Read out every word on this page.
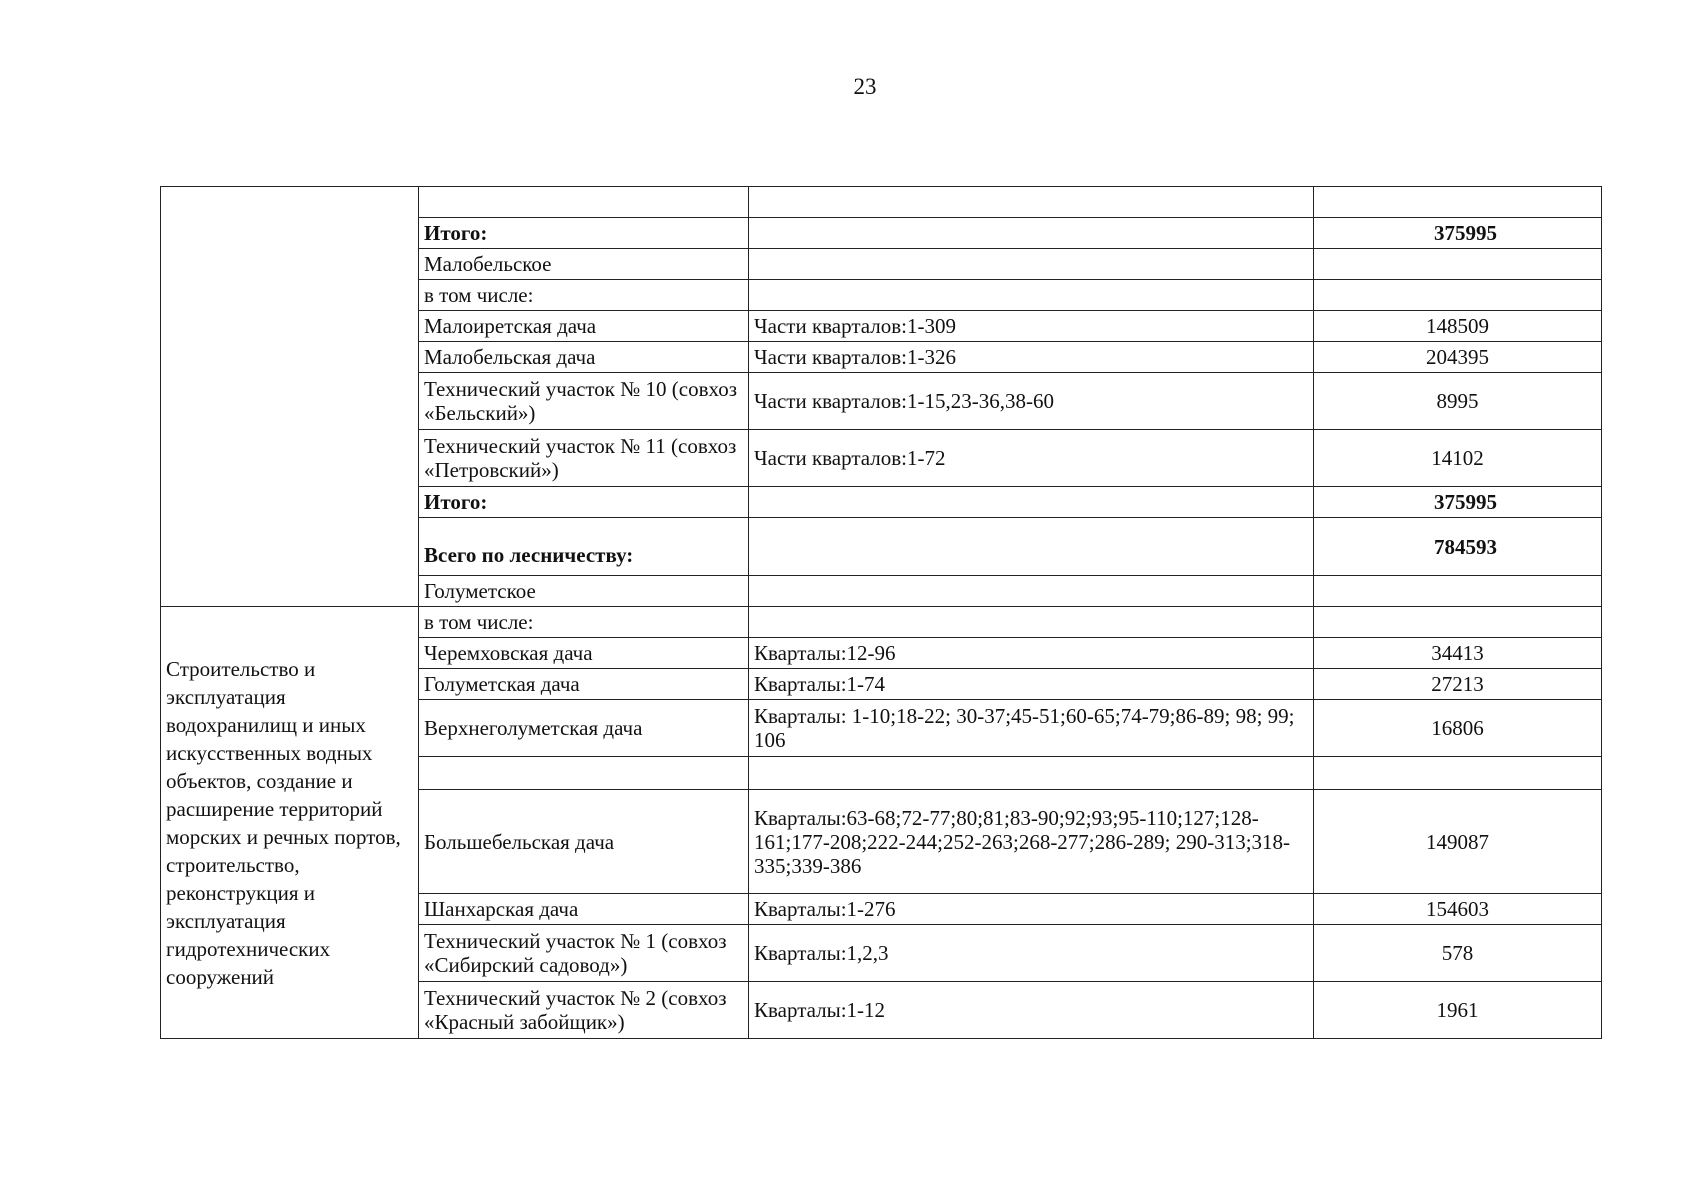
23

	Итого:		375995
	Малобельское		
	в том числе:		
	Малоиретская дача	Части кварталов:1-309	148509
	Малобельская дача	Части кварталов:1-326	204395
	Технический участок № 10 (совхоз «Бельский»)	Части кварталов:1-15,23-36,38-60	8995
	Технический участок № 11 (совхоз «Петровский»)	Части кварталов:1-72	14102
	Итого:		375995
	Всего по лесничеству:		784593
	Голуметское		
Строительство и эксплуатация водохранилищ и иных искусственных водных объектов, создание и расширение территорий морских и речных портов, строительство, реконструкция и эксплуатация гидротехнических сооружений	в том числе:		
	Черемховская дача	Кварталы:12-96	34413
	Голуметская дача	Кварталы:1-74	27213
	Верхнеголуметская дача	Кварталы: 1-10;18-22; 30-37;45-51;60-65;74-79;86-89; 98; 99; 106	16806

	Большебельская дача	Кварталы:63-68;72-77;80;81;83-90;92;93;95-110;127;128-161;177-208;222-244;252-263;268-277;286-289; 290-313;318-335;339-386	149087
	Шанхарская дача	Кварталы:1-276	154603
	Технический участок № 1 (совхоз «Сибирский садовод»)	Кварталы:1,2,3	578
	Технический участок № 2 (совхоз «Красный забойщик»)	Кварталы:1-12	1961
